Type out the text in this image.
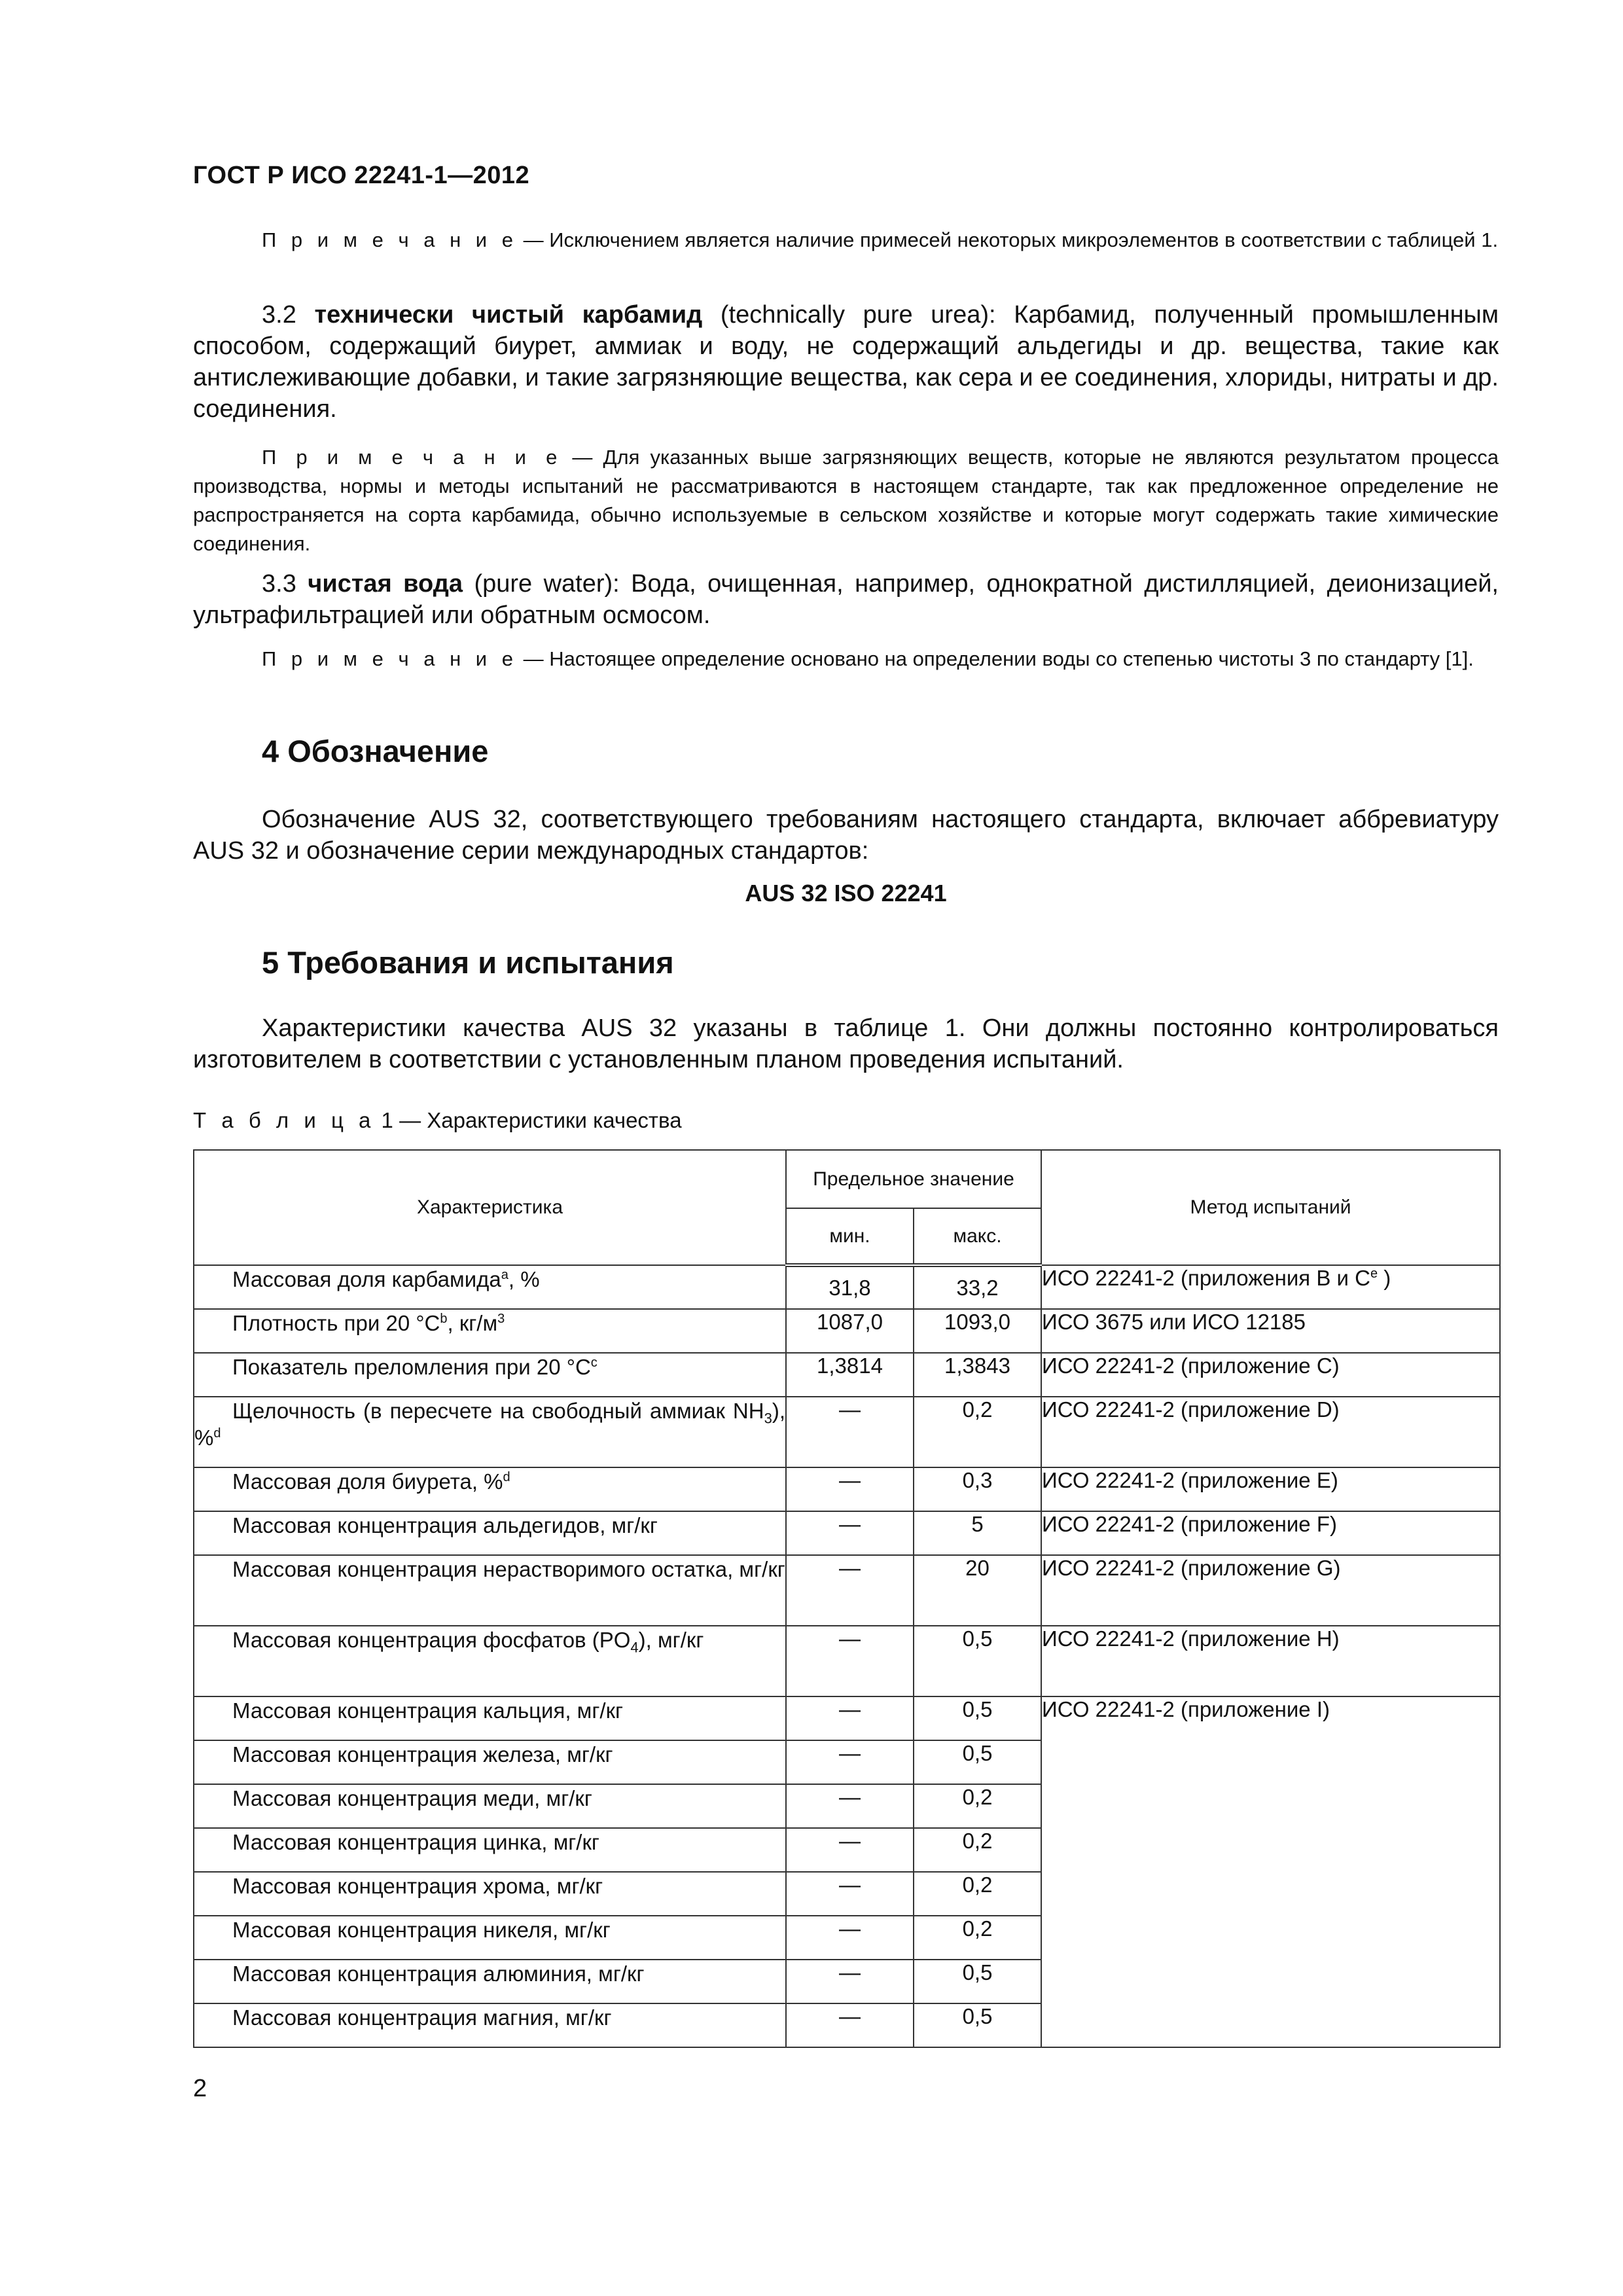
ГОСТ Р ИСО 22241-1—2012

П р и м е ч а н и е — Исключением является наличие примесей некоторых микроэлементов в соответствии с таблицей 1.

3.2 технически чистый карбамид (technically pure urea): Карбамид, полученный промышленным способом, содержащий биурет, аммиак и воду, не содержащий альдегиды и др. вещества, такие как антислеживающие добавки, и такие загрязняющие вещества, как сера и ее соединения, хлориды, нитраты и др. соединения.

П р и м е ч а н и е — Для указанных выше загрязняющих веществ, которые не являются результатом процесса производства, нормы и методы испытаний не рассматриваются в настоящем стандарте, так как предложенное определение не распространяется на сорта карбамида, обычно используемые в сельском хозяйстве и которые могут содержать такие химические соединения.

3.3 чистая вода (pure water): Вода, очищенная, например, однократной дистилляцией, деионизацией, ультрафильтрацией или обратным осмосом.

П р и м е ч а н и е — Настоящее определение основано на определении воды со степенью чистоты 3 по стандарту [1].

4 Обозначение

Обозначение AUS 32, соответствующего требованиям настоящего стандарта, включает аббревиатуру AUS 32 и обозначение серии международных стандартов:

AUS 32 ISO 22241
5 Требования и испытания

Характеристики качества AUS 32 указаны в таблице 1. Они должны постоянно контролироваться изготовителем в соответствии с установленным планом проведения испытаний.

Т а б л и ц а 1 — Характеристики качества
Характеристика	Предельное значение		Метод испытаний
	мин.	макс.	

Массовая доля карбамида$^a$, %	31,8	33,2	ИСО 22241-2 (приложения В и $С^e$ )

Плотность при 20 $^\circ С^b$, $кг/м^3$	1087,0	1093,0	ИСО 3675 или ИСО 12185

Показатель преломления при 20 $^\circ С^c$	1,3814	1,3843	ИСО 22241-2 (приложение С)

Щелочность (в пересчете на свободный аммиак $NH_3$), %$^d$	—	0,2	ИСО 22241-2 (приложение D)

Массовая доля биурета, %$^d$	—	0,3	ИСО 22241-2 (приложение Е)

Массовая концентрация альдегидов, мг/кг	—	5	ИСО 22241-2 (приложение F)

Массовая концентрация нерастворимого остатка, мг/кг	—	20	ИСО 22241-2 (приложение G)

Массовая концентрация фосфатов $(PO_4)$, мг/кг	—	0,5	ИСО 22241-2 (приложение Н)

Массовая концентрация кальция, мг/кг	—	0,5	ИСО 22241-2 (приложение I)

Массовая концентрация железа, мг/кг	—	0,5	

Массовая концентрация меди, мг/кг	—	0,2	

Массовая концентрация цинка, мг/кг	—	0,2	

Массовая концентрация хрома, мг/кг	—	0,2	

Массовая концентрация никеля, мг/кг	—	0,2	

Массовая концентрация алюминия, мг/кг	—	0,5	

Массовая концентрация магния, мг/кг	—	0,5	
2
